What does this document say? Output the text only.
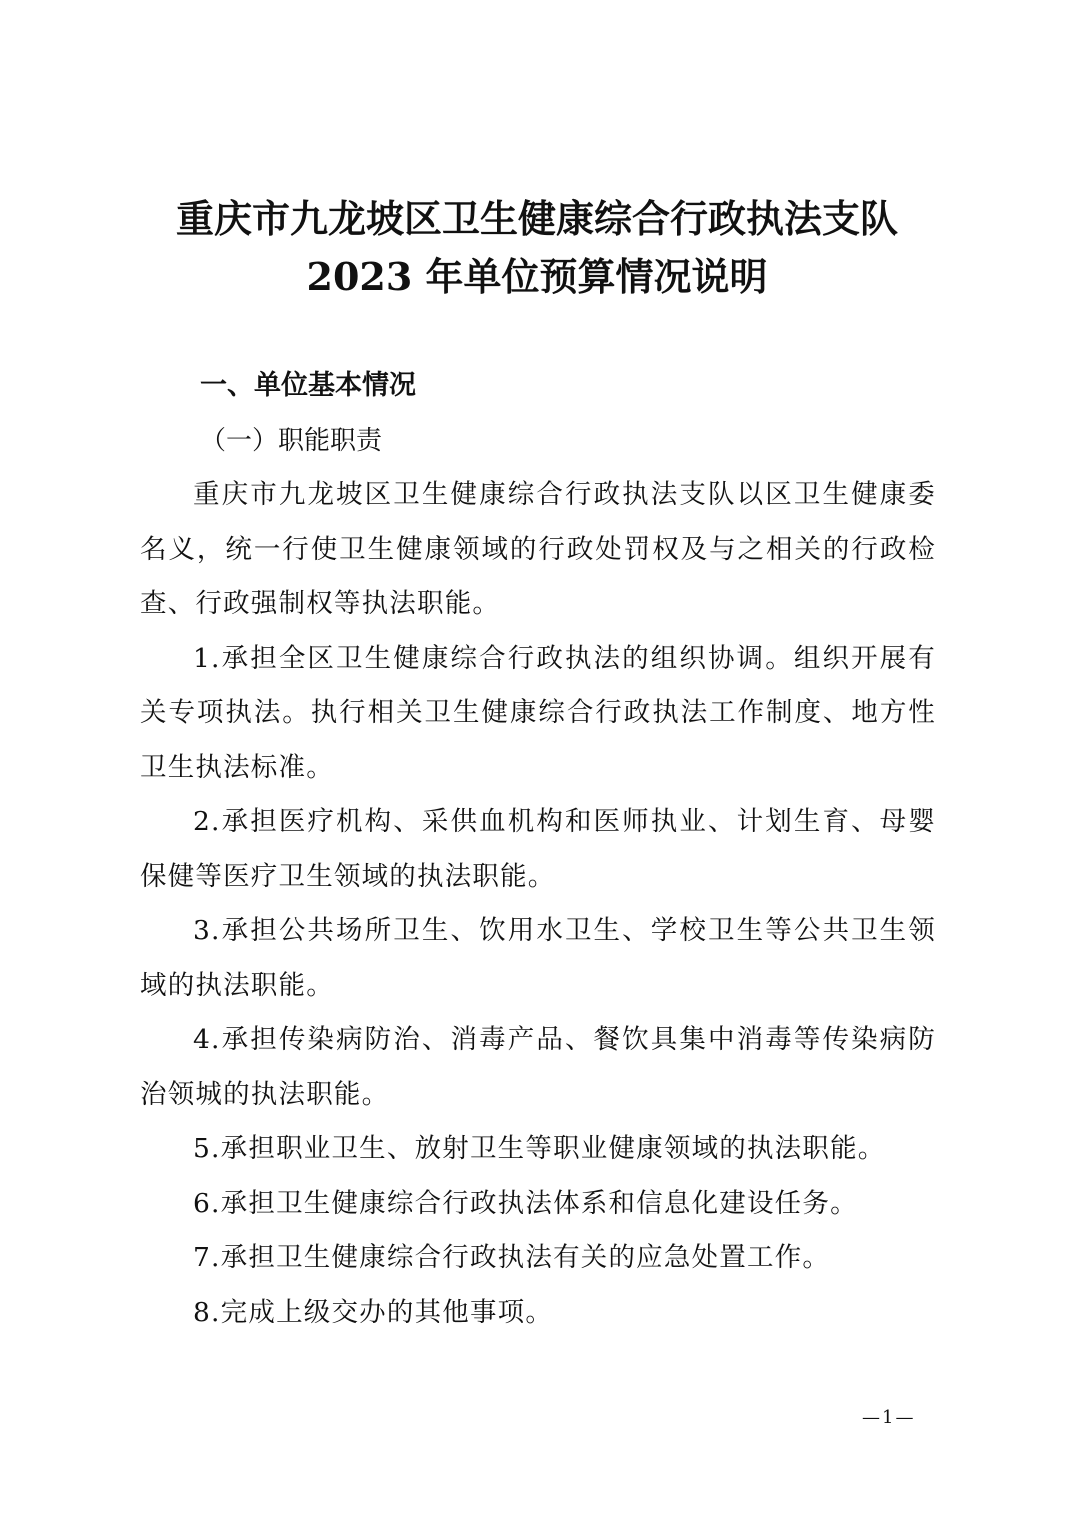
重庆市九龙坡区卫生健康综合行政执法支队
2023 年单位预算情况说明
一、单位基本情况
（一）职能职责

重庆市九龙坡区卫生健康综合行政执法支队以区卫生健康委名义，统一行使卫生健康领域的行政处罚权及与之相关的行政检查、行政强制权等执法职能。

1.承担全区卫生健康综合行政执法的组织协调。组织开展有关专项执法。执行相关卫生健康综合行政执法工作制度、地方性卫生执法标准。

2.承担医疗机构、采供血机构和医师执业、计划生育、母婴保健等医疗卫生领域的执法职能。

3.承担公共场所卫生、饮用水卫生、学校卫生等公共卫生领域的执法职能。

4.承担传染病防治、消毒产品、餐饮具集中消毒等传染病防治领城的执法职能。

5.承担职业卫生、放射卫生等职业健康领域的执法职能。

6.承担卫生健康综合行政执法体系和信息化建设任务。

7.承担卫生健康综合行政执法有关的应急处置工作。

8.完成上级交办的其他事项。

—1—
